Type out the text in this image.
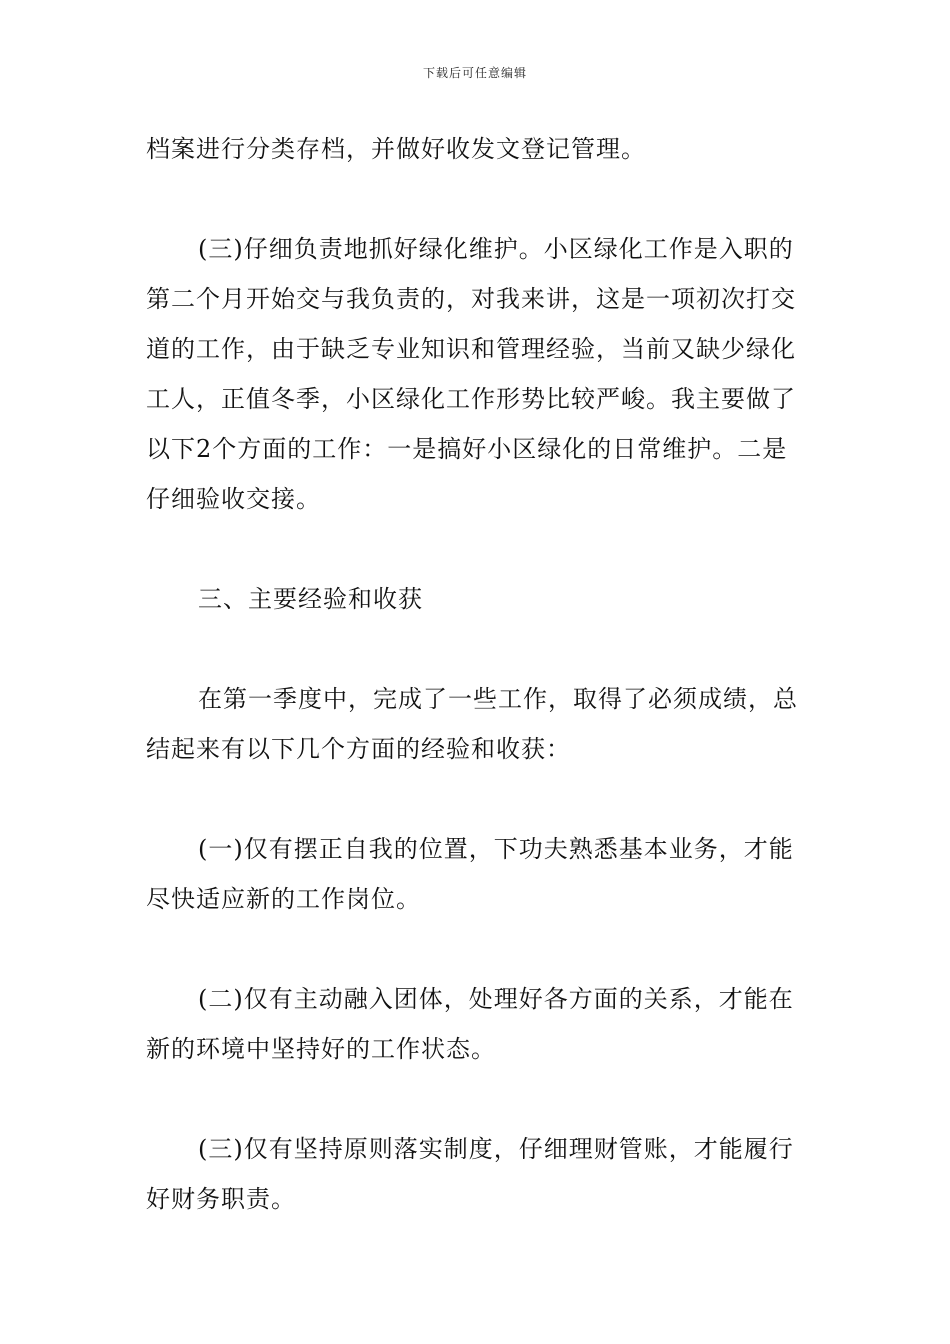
下载后可任意编辑

档案进行分类存档，并做好收发文登记管理。

(三)仔细负责地抓好绿化维护。小区绿化工作是入职的第二个月开始交与我负责的，对我来讲，这是一项初次打交道的工作，由于缺乏专业知识和管理经验，当前又缺少绿化工人，正值冬季，小区绿化工作形势比较严峻。我主要做了以下2个方面的工作：一是搞好小区绿化的日常维护。二是仔细验收交接。

三、主要经验和收获

在第一季度中，完成了一些工作，取得了必须成绩，总结起来有以下几个方面的经验和收获：

(一)仅有摆正自我的位置，下功夫熟悉基本业务，才能尽快适应新的工作岗位。

(二)仅有主动融入团体，处理好各方面的关系，才能在新的环境中坚持好的工作状态。

(三)仅有坚持原则落实制度，仔细理财管账，才能履行好财务职责。
